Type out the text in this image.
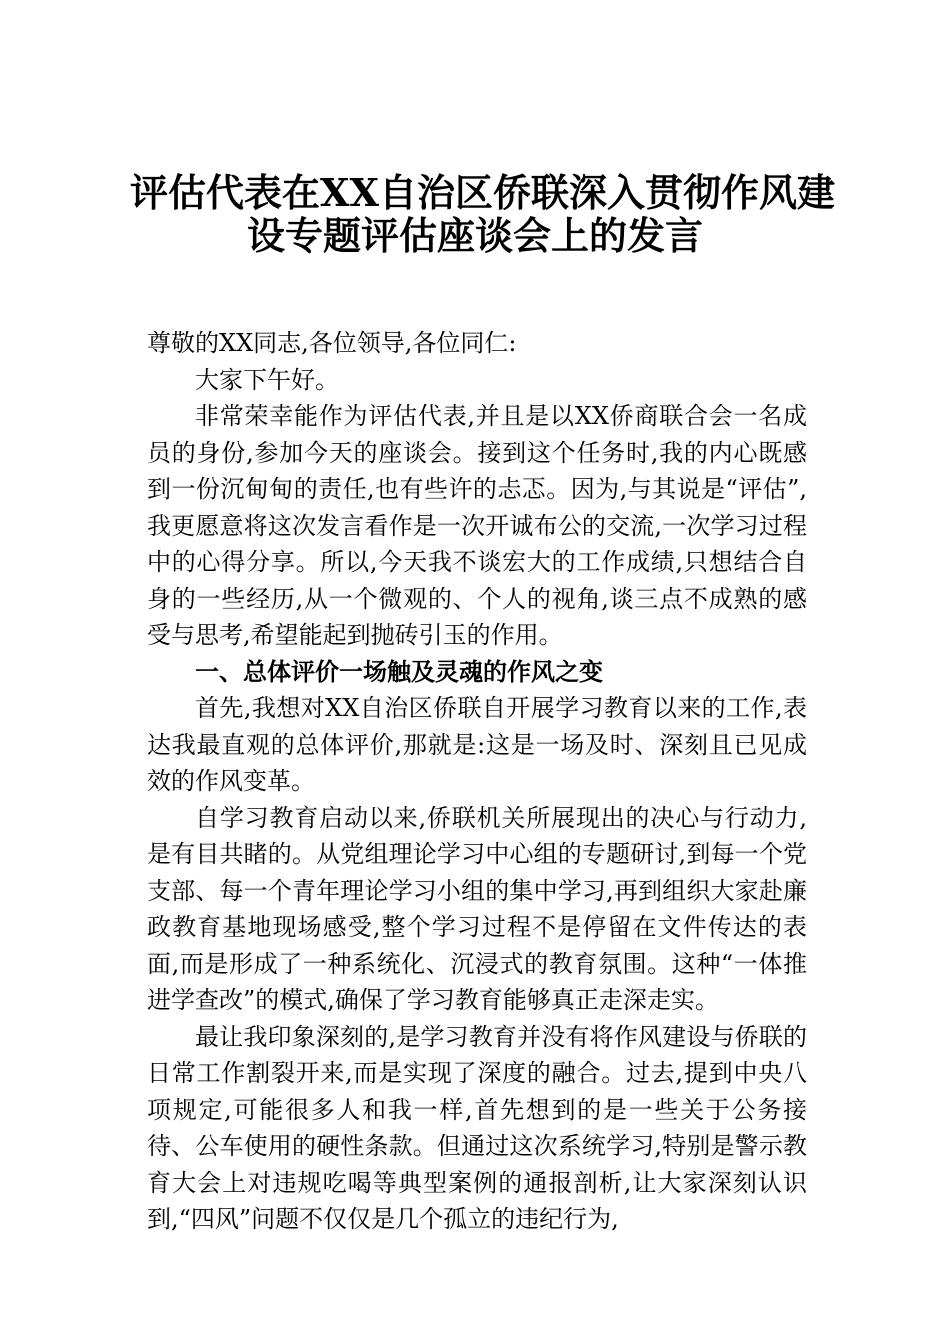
评估代表在XX自治区侨联深入贯彻作风建
设专题评估座谈会上的发言

尊敬的XX同志,各位领导,各位同仁:

大家下午好。

非常荣幸能作为评估代表,并且是以XX侨商联合会一名成员的身份,参加今天的座谈会。接到这个任务时,我的内心既感到一份沉甸甸的责任,也有些许的忐忑。因为,与其说是“评估”,我更愿意将这次发言看作是一次开诚布公的交流,一次学习过程中的心得分享。所以,今天我不谈宏大的工作成绩,只想结合自身的一些经历,从一个微观的、个人的视角,谈三点不成熟的感受与思考,希望能起到抛砖引玉的作用。

一、总体评价一场触及灵魂的作风之变

首先,我想对XX自治区侨联自开展学习教育以来的工作,表达我最直观的总体评价,那就是:这是一场及时、深刻且已见成效的作风变革。

自学习教育启动以来,侨联机关所展现出的决心与行动力,是有目共睹的。从党组理论学习中心组的专题研讨,到每一个党支部、每一个青年理论学习小组的集中学习,再到组织大家赴廉政教育基地现场感受,整个学习过程不是停留在文件传达的表面,而是形成了一种系统化、沉浸式的教育氛围。这种“一体推进学查改”的模式,确保了学习教育能够真正走深走实。

最让我印象深刻的,是学习教育并没有将作风建设与侨联的日常工作割裂开来,而是实现了深度的融合。过去,提到中央八项规定,可能很多人和我一样,首先想到的是一些关于公务接待、公车使用的硬性条款。但通过这次系统学习,特别是警示教育大会上对违规吃喝等典型案例的通报剖析,让大家深刻认识到,“四风”问题不仅仅是几个孤立的违纪行为,
